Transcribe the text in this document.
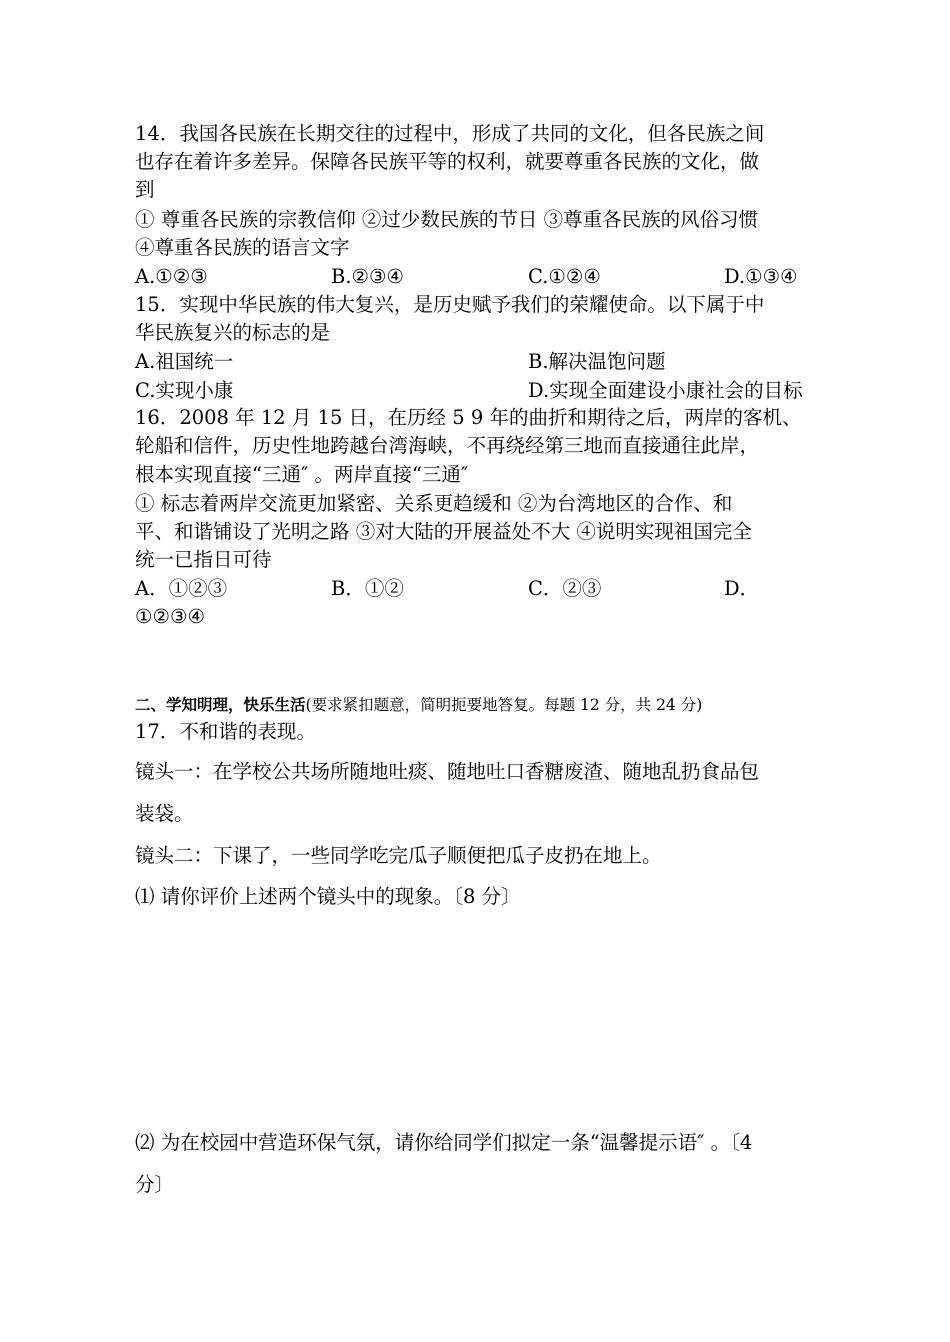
14．我国各民族在长期交往的过程中，形成了共同的文化，但各民族之间
也存在着许多差异。保障各民族平等的权利，就要尊重各民族的文化，做
到
① 尊重各民族的宗教信仰 ②过少数民族的节日 ③尊重各民族的风俗习惯
④尊重各民族的语言文字
A.①②③	B.②③④	C.①②④	D.①③④
15．实现中华民族的伟大复兴，是历史赋予我们的荣耀使命。以下属于中
华民族复兴的标志的是
A.祖国统一	B.解决温饱问题
C.实现小康	D.实现全面建设小康社会的目标
16．2008 年 12 月 15 日，在历经 5 9 年的曲折和期待之后，两岸的客机、
轮船和信件，历史性地跨越台湾海峡，不再绕经第三地而直接通往此岸，
根本实现直接“三通″ 。两岸直接“三通″
① 标志着两岸交流更加紧密、关系更趋缓和 ②为台湾地区的合作、和
平、和谐铺设了光明之路 ③对大陆的开展益处不大 ④说明实现祖国完全
统一已指日可待
A．①②③	B．①②	C．②③	D．
①②③④
二、学知明理，快乐生活(要求紧扣题意，简明扼要地答复。每题 12 分，共 24 分)
17．不和谐的表现。
镜头一：在学校公共场所随地吐痰、随地吐口香糖废渣、随地乱扔食品包
装袋。
镜头二：下课了，一些同学吃完瓜子顺便把瓜子皮扔在地上。
⑴ 请你评价上述两个镜头中的现象。〔8 分〕
⑵ 为在校园中营造环保气氛，请你给同学们拟定一条“温馨提示语″ 。〔4
分〕
